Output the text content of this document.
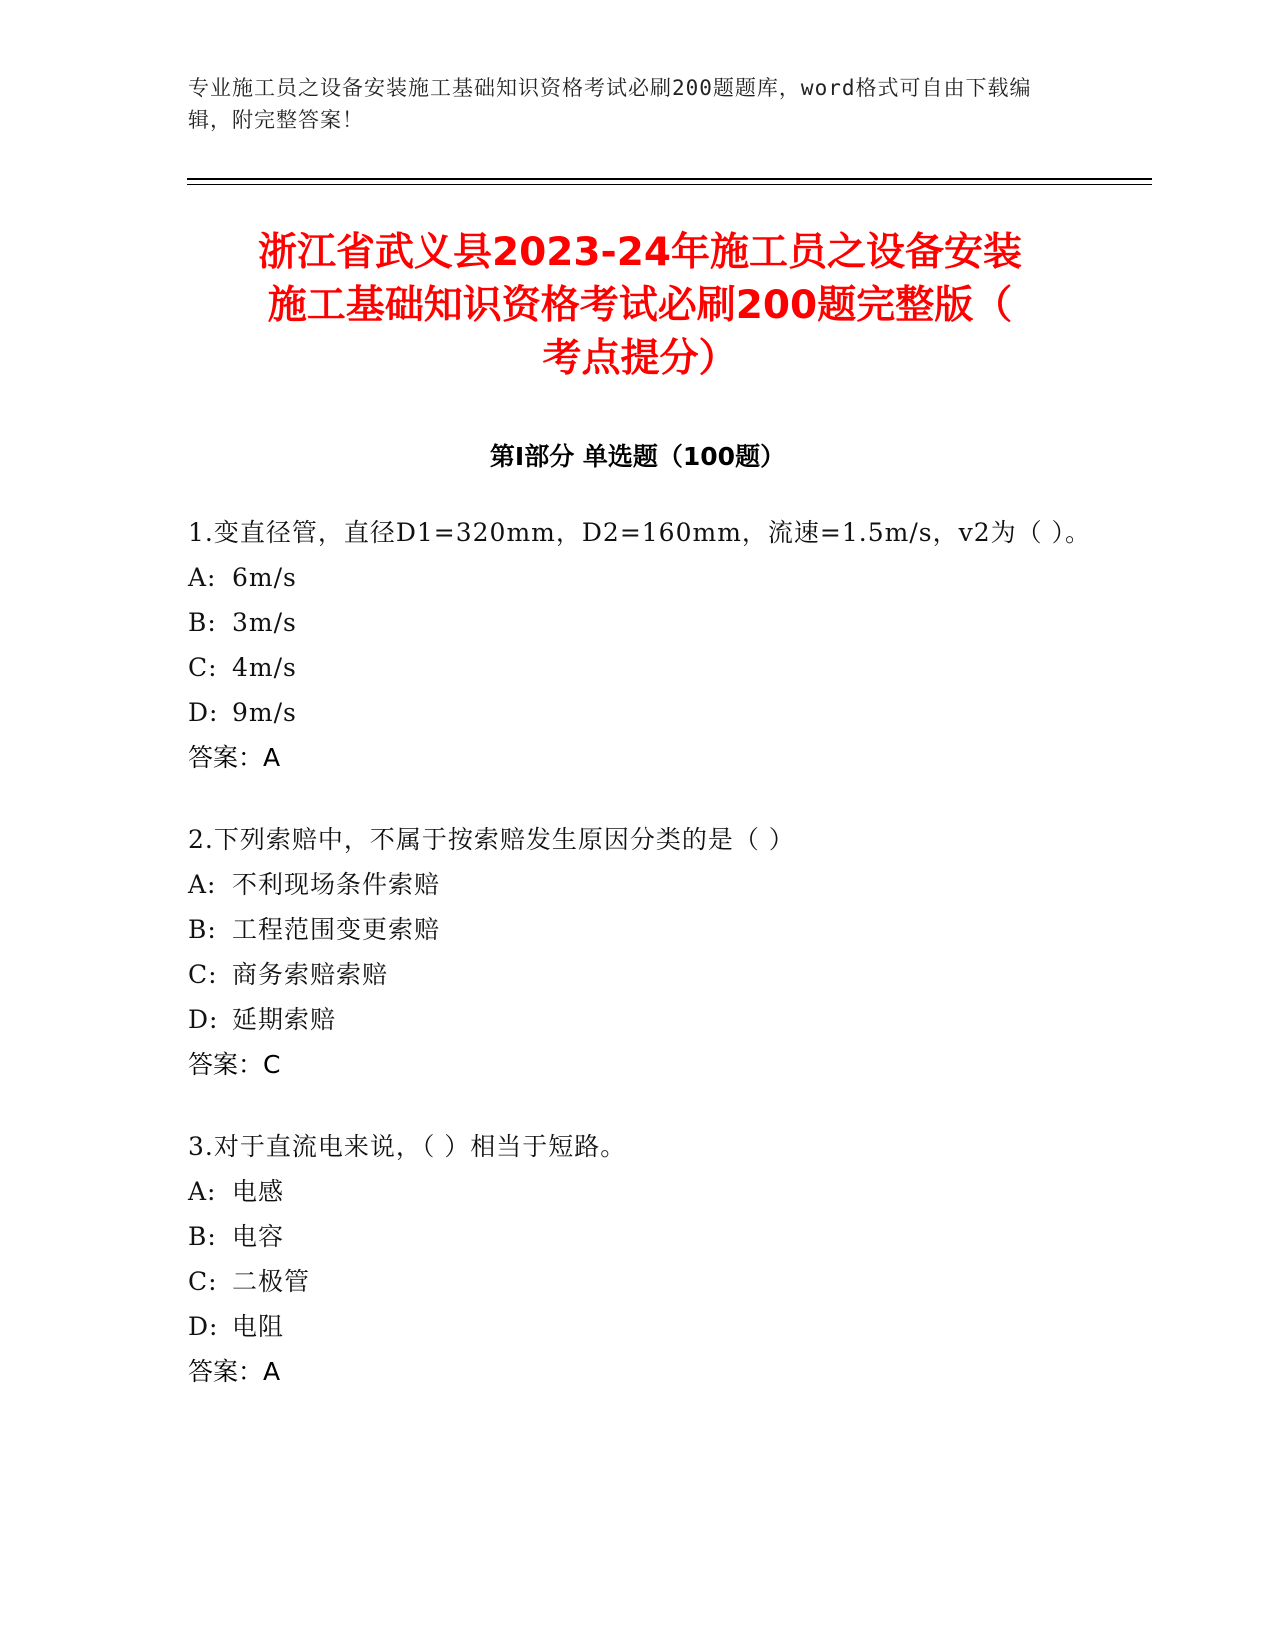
专业施工员之设备安装施工基础知识资格考试必刷200题题库，word格式可自由下载编辑，附完整答案！
浙江省武义县2023-24年施工员之设备安装
施工基础知识资格考试必刷200题完整版（
考点提分）
第I部分 单选题（100题）
1.变直径管，直径D1=320mm，D2=160mm，流速=1.5m/s，v2为（ ）。
A: 6m/s
B: 3m/s
C: 4m/s
D: 9m/s
答案：A
2.下列索赔中，不属于按索赔发生原因分类的是（ ）
A: 不利现场条件索赔
B: 工程范围变更索赔
C: 商务索赔索赔
D: 延期索赔
答案：C
3.对于直流电来说，（ ）相当于短路。
A: 电感
B: 电容
C: 二极管
D: 电阻
答案：A
